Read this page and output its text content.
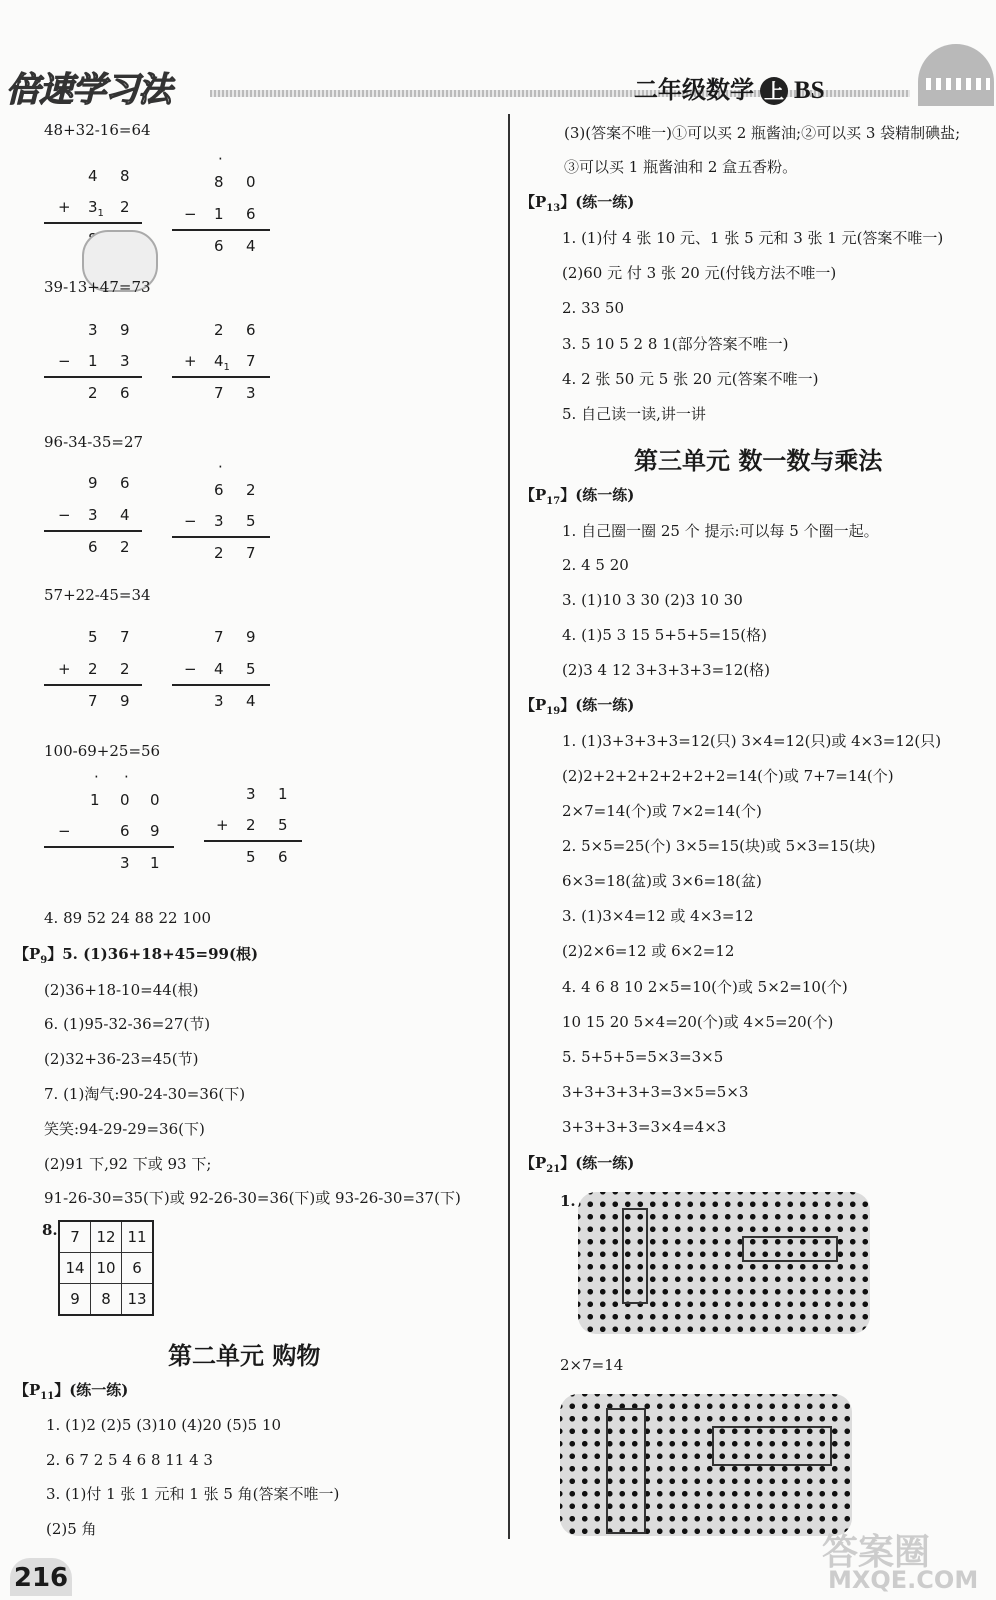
倍速学习法	二年级数学 上 BS
48+32-16=64
4 8
+ $3_1$ 2
·
8 0
− 1 6
6 4
39-13+47=73
3 9
− 1 3
2 6
2 6
+ $4_1$ 7
7 3
96-34-35=27
9 6
− 3 4
6 2
·
6 2
− 3 5
2 7
57+22-45=34
5 7
+ 2 2
7 9
7 9
− 4 5
3 4
100-69+25=56
· ·
1 0 0
−	6 9
3 1
3 1
+ 2 5
5 6
4. 89 52 24 88 22 100
【$P_9$】5. (1)36+18+45=99(根)
(2)36+18-10=44(根)
6. (1)95-32-36=27(节)
(2)32+36-23=45(节)
7. (1)淘气:90-24-30=36(下)
笑笑:94-29-29=36(下)
(2)91 下,92 下或 93 下;
91-26-30=35(下)或 92-26-30=36(下)或 93-26-30=37(下)
8. 7	12	11
14	10	6
9	8	13
第二单元 购物
【$P_{11}$】(练一练)
1. (1)2 (2)5 (3)10 (4)20 (5)5 10
2. 6 7 2 5 4 6 8 11 4 3
3. (1)付 1 张 1 元和 1 张 5 角(答案不唯一)
(2)5 角
(3)(答案不唯一)①可以买 2 瓶酱油;②可以买 3 袋精制碘盐;
③可以买 1 瓶酱油和 2 盒五香粉。
【$P_{13}$】(练一练)
1. (1)付 4 张 10 元、1 张 5 元和 3 张 1 元(答案不唯一)
(2)60 元 付 3 张 20 元(付钱方法不唯一)
2. 33 50
3. 5 10 5 2 8 1(部分答案不唯一)
4. 2 张 50 元 5 张 20 元(答案不唯一)
5. 自己读一读,讲一讲
第三单元 数一数与乘法
【$P_{17}$】(练一练)
1. 自己圈一圈 25 个 提示:可以每 5 个圈一起。
2. 4 5 20
3. (1)10 3 30 (2)3 10 30
4. (1)5 3 15 5+5+5=15(格)
(2)3 4 12 3+3+3+3=12(格)
【$P_{19}$】(练一练)
1. (1)3+3+3+3=12(只) 3×4=12(只)或 4×3=12(只)
(2)2+2+2+2+2+2+2=14(个)或 7+7=14(个)
2×7=14(个)或 7×2=14(个)
2. 5×5=25(个) 3×5=15(块)或 5×3=15(块)
6×3=18(盆)或 3×6=18(盆)
3. (1)3×4=12 或 4×3=12
(2)2×6=12 或 6×2=12
4. 4 6 8 10 2×5=10(个)或 5×2=10(个)
10 15 20 5×4=20(个)或 4×5=20(个)
5. 5+5+5=5×3=3×5
3+3+3+3+3=3×5=5×3
3+3+3+3=3×4=4×3
【$P_{21}$】(练一练)
1.
2×7=14
216
答案圈
MXQE.COM
